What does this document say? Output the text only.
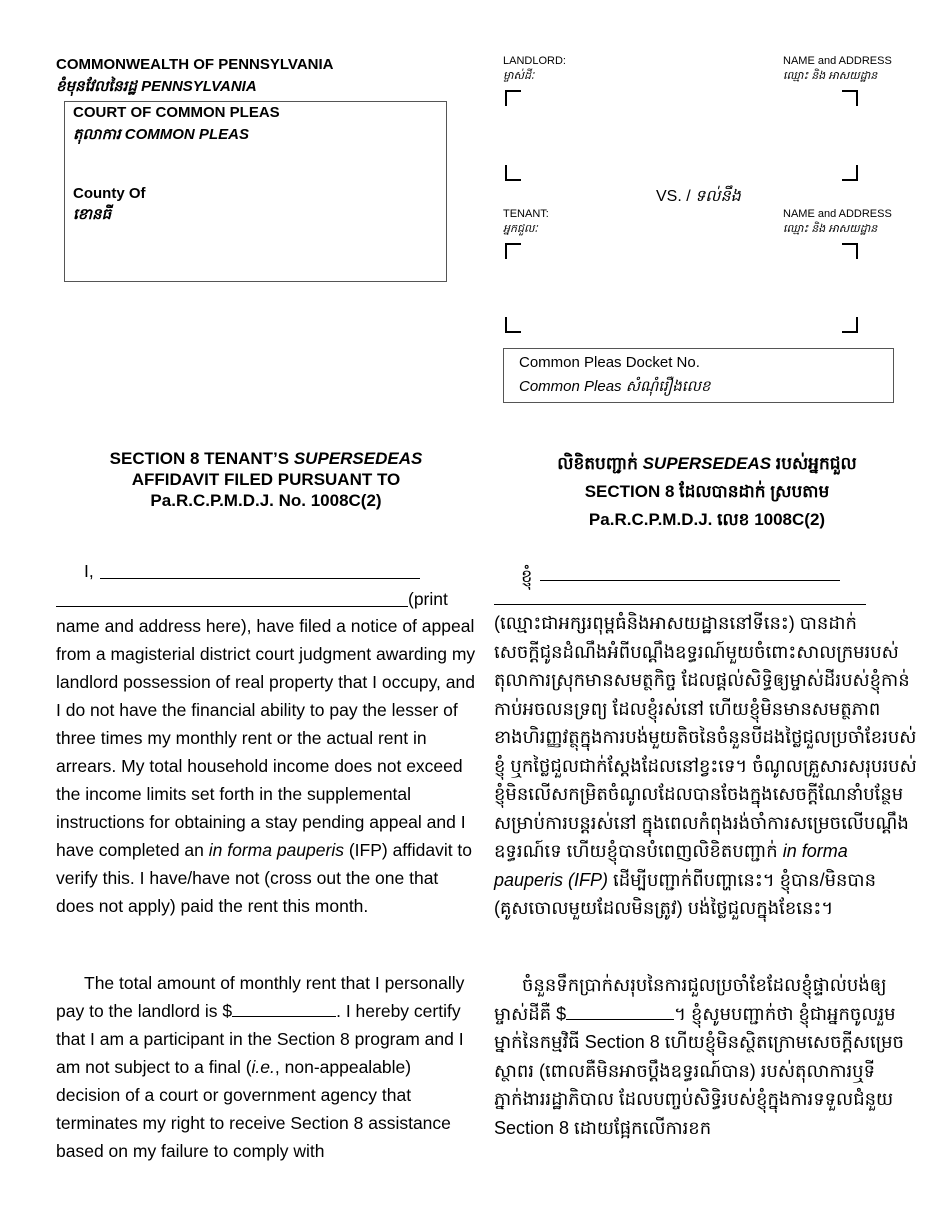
COMMONWEALTH OF PENNSYLVANIA
ខំមុនវែលនៃរដ្ឋ PENNSYLVANIA
COURT OF COMMON PLEAS
តុលាការ COMMON PLEAS
County Of
ខោនធី
LANDLORD:
ម្ចាស់ដីៈ
NAME and ADDRESS
ឈ្មោះ និង អាសយដ្ឋាន
VS. / ទល់នឹង
TENANT:
អ្នកជួលៈ
NAME and ADDRESS
ឈ្មោះ និង អាសយដ្ឋាន
Common Pleas Docket No.
Common Pleas សំណុំរឿងលេខ
SECTION 8 TENANT’S SUPERSEDEAS
AFFIDAVIT FILED PURSUANT TO
Pa.R.C.P.M.D.J. No. 1008C(2)
លិខិតបញ្ជាក់ SUPERSEDEAS របស់អ្នកជួល
SECTION 8 ដែលបានដាក់ ស្របតាម
Pa.R.C.P.M.D.J. លេខ 1008C(2)
I,
(print
name and address here), have filed a notice of appeal from a magisterial district court judgment awarding my landlord possession of real property that I occupy, and I do not have the financial ability to pay the lesser of three times my monthly rent or the actual rent in arrears. My total household income does not exceed the income limits set forth in the supplemental instructions for obtaining a stay pending appeal and I have completed an in forma pauperis (IFP) affidavit to verify this. I have/have not (cross out the one that does not apply) paid the rent this month.
The total amount of monthly rent that I personally pay to the landlord is $	. I hereby certify that I am a participant in the Section 8 program and I am not subject to a final (i.e., non-appealable) decision of a court or government agency that terminates my right to receive Section 8 assistance based on my failure to comply with
ខ្ញុំ
(ឈ្មោះជាអក្សរពុម្ពធំនិងអាសយដ្ឋាននៅទីនេះ) បានដាក់សេចក្តីជូនដំណឹងអំពីបណ្តឹងឧទ្ធរណ៍មួយចំពោះសាលក្រមរបស់តុលាការស្រុកមានសមត្ថកិច្ច ដែលផ្តល់សិទ្ធិឲ្យម្ចាស់ដីរបស់ខ្ញុំកាន់កាប់អចលនទ្រព្យ ដែលខ្ញុំរស់នៅ ហើយខ្ញុំមិនមានសមត្ថភាពខាងហិរញ្ញវត្ថុក្នុងការបង់មួយតិចនៃចំនួនបីដងថ្លៃជួលប្រចាំខែរបស់ខ្ញុំ ឬកថ្លៃជួលជាក់ស្តែងដែលនៅខ្វះទេ។ ចំណូលគ្រួសារសរុបរបស់ខ្ញុំមិនលើសកម្រិតចំណូលដែលបានចែងក្នុងសេចក្តីណែនាំបន្ថែមសម្រាប់ការបន្តរស់នៅ ក្នុងពេលកំពុងរង់ចាំការសម្រេចលើបណ្តឹងឧទ្ធរណ៍ទេ ហើយខ្ញុំបានបំពេញលិខិតបញ្ជាក់ in forma pauperis (IFP) ដើម្បីបញ្ជាក់ពីបញ្ហានេះ។ ខ្ញុំបាន/មិនបាន (គូសចោលមួយដែលមិនត្រូវ) បង់ថ្លៃជួលក្នុងខែនេះ។
ចំនួនទឹកប្រាក់សរុបនៃការជួលប្រចាំខែដែលខ្ញុំផ្ទាល់បង់ឲ្យម្ចាស់ដីគឺ $	។ ខ្ញុំសូមបញ្ជាក់ថា ខ្ញុំជាអ្នកចូលរួមម្នាក់នៃកម្មវិធី Section 8 ហើយខ្ញុំមិនស្ថិតក្រោមសេចក្តីសម្រេចស្ថាពរ (ពោលគឺមិនអាចប្តឹងឧទ្ធរណ៍បាន) របស់តុលាការឬទីភ្នាក់ងាររដ្ឋាភិបាល ដែលបញ្ចប់សិទ្ធិរបស់ខ្ញុំក្នុងការទទួលជំនួយ Section 8 ដោយផ្អែកលើការខក
